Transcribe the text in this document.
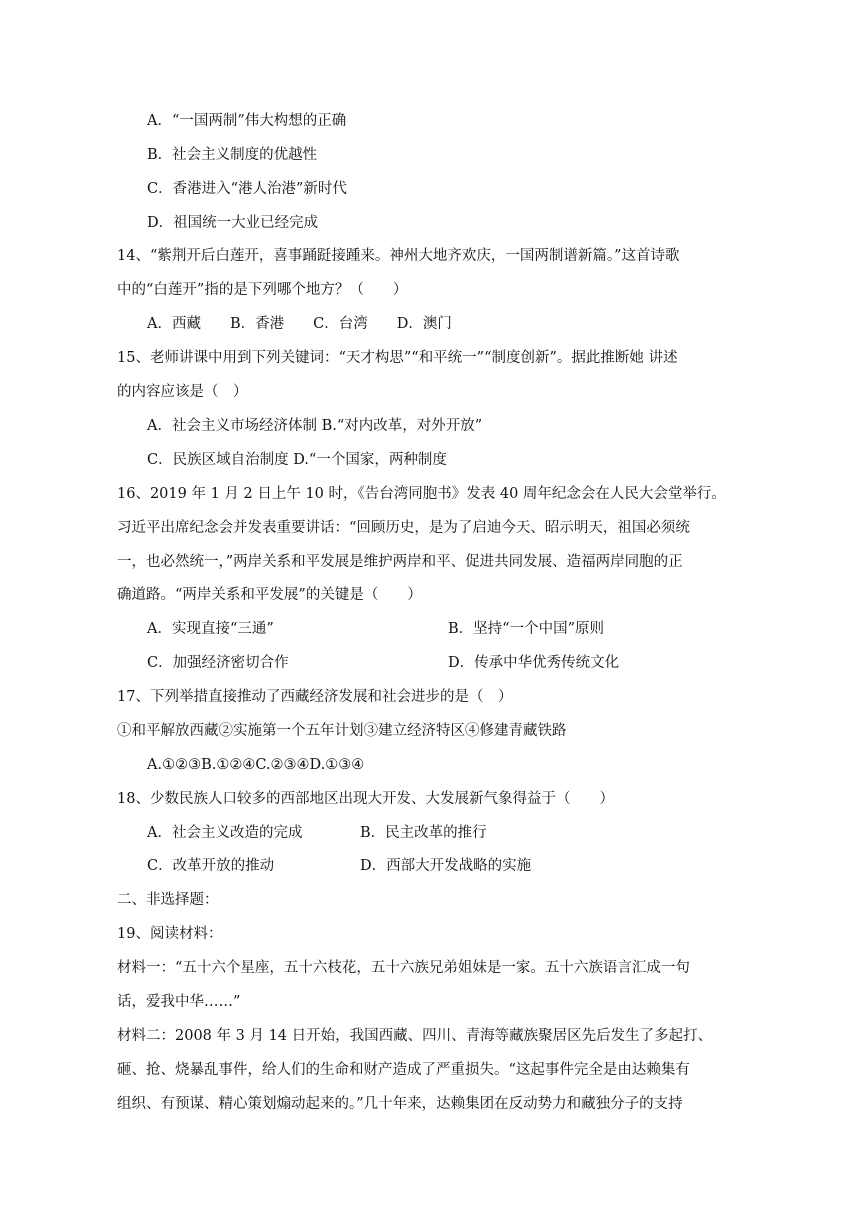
A．“一国两制”伟大构想的正确
B．社会主义制度的优越性
C．香港进入“港人治港”新时代
D．祖国统一大业已经完成
14、“紫荆开后白莲开，喜事踊跹接踵来。神州大地齐欢庆，一国两制谱新篇。”这首诗歌
中的“白莲开”指的是下列哪个地方？（　　）
A．西藏　　B．香港　　C．台湾　　D．澳门
15、老师讲课中用到下列关键词：“天才构思”“和平统一”“制度创新”。据此推断她 讲述
的内容应该是（　）
A．社会主义市场经济体制 B.“对内改革，对外开放”
C．民族区域自治制度 D.“一个国家，两种制度
16、2019 年 1 月 2 日上午 10 时，《告台湾同胞书》发表 40 周年纪念会在人民大会堂举行。
习近平出席纪念会并发表重要讲话：“回顾历史，是为了启迪今天、昭示明天，祖国必须统
一，也必然统一，”两岸关系和平发展是维护两岸和平、促进共同发展、造福两岸同胞的正
确道路。“两岸关系和平发展”的关键是（　　）
A．实现直接“三通”	B．坚持“一个中国”原则
C．加强经济密切合作	D．传承中华优秀传统文化
17、下列举措直接推动了西藏经济发展和社会进步的是（　）
①和平解放西藏②实施第一个五年计划③建立经济特区④修建青藏铁路
A.①②③B.①②④C.②③④D.①③④
18、少数民族人口较多的西部地区出现大开发、大发展新气象得益于（　　）
A．社会主义改造的完成	B．民主改革的推行
C．改革开放的推动	D．西部大开发战略的实施
二、非选择题：
19、阅读材料：
材料一：“五十六个星座，五十六枝花，五十六族兄弟姐妹是一家。五十六族语言汇成一句
话，爱我中华……”
材料二：2008 年 3 月 14 日开始，我国西藏、四川、青海等藏族聚居区先后发生了多起打、
砸、抢、烧暴乱事件，给人们的生命和财产造成了严重损失。“这起事件完全是由达赖集有
组织、有预谋、精心策划煽动起来的。”几十年来，达赖集团在反动势力和藏独分子的支持
